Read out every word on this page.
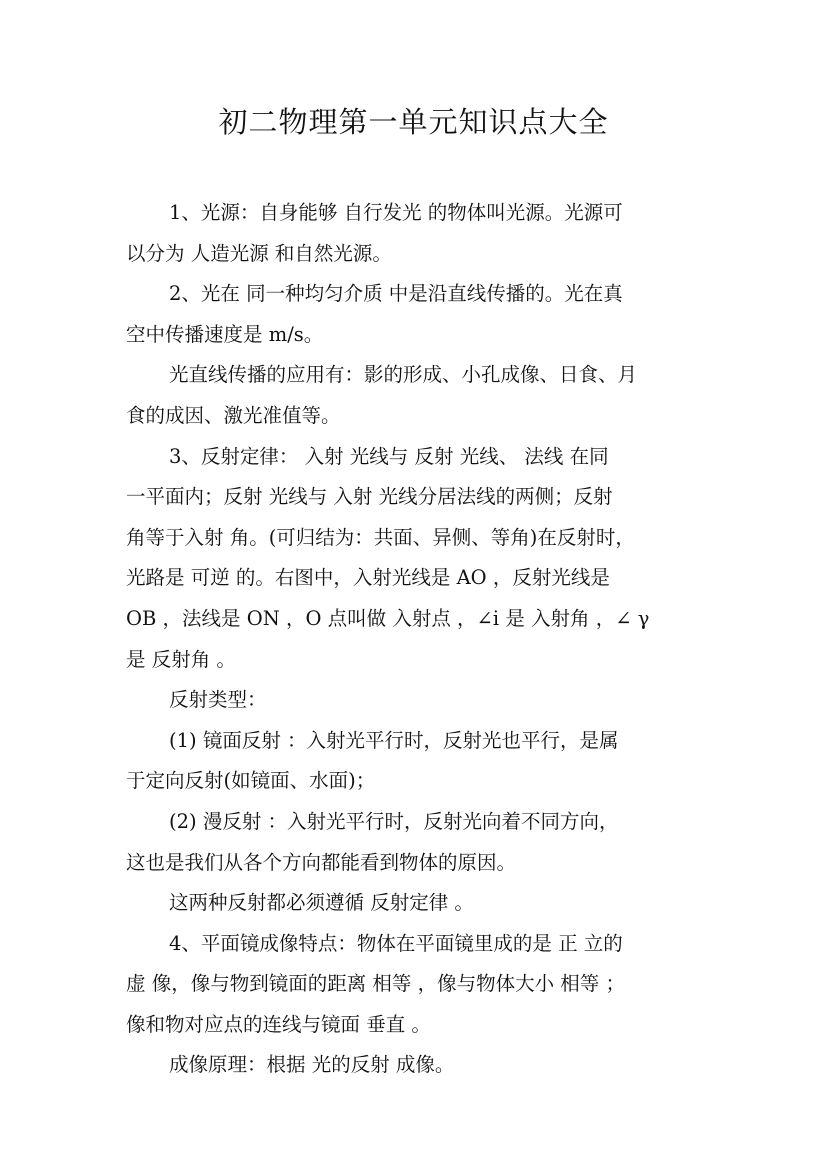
初二物理第一单元知识点大全

1、光源：自身能够 自行发光 的物体叫光源。光源可
以分为 人造光源 和自然光源。

2、光在 同一种均匀介质 中是沿直线传播的。光在真
空中传播速度是 m/s。

光直线传播的应用有：影的形成、小孔成像、日食、月
食的成因、激光准值等。

3、反射定律： 入射 光线与 反射 光线、 法线 在同
一平面内；反射 光线与 入射 光线分居法线的两侧；反射
角等于入射 角。(可归结为：共面、异侧、等角)在反射时，
光路是 可逆 的。右图中，入射光线是 AO ，反射光线是
OB ，法线是 ON ，O 点叫做 入射点 ，∠i 是 入射角 ，∠ γ
是 反射角 。

反射类型：

(1) 镜面反射 ：入射光平行时，反射光也平行，是属
于定向反射(如镜面、水面)；

(2) 漫反射 ：入射光平行时，反射光向着不同方向，
这也是我们从各个方向都能看到物体的原因。

这两种反射都必须遵循 反射定律 。

4、平面镜成像特点：物体在平面镜里成的是 正 立的
虚 像，像与物到镜面的距离 相等 ，像与物体大小 相等 ；
像和物对应点的连线与镜面 垂直 。

成像原理：根据 光的反射 成像。
